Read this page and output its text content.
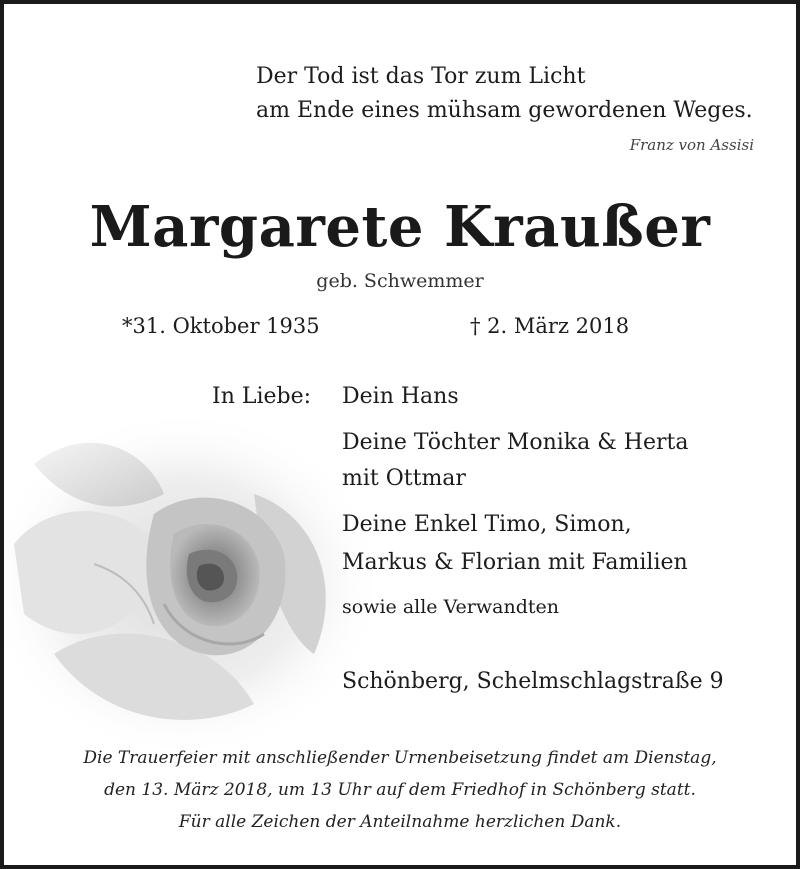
Der Tod ist das Tor zum Licht
am Ende eines mühsam gewordenen Weges.
Franz von Assisi
Margarete Kraußer
geb. Schwemmer
*31. Oktober 1935	† 2. März 2018
In Liebe: Dein Hans
Deine Töchter Monika & Herta
mit Ottmar
Deine Enkel Timo, Simon,
Markus & Florian mit Familien
sowie alle Verwandten
Schönberg, Schelmschlagstraße 9
Die Trauerfeier mit anschließender Urnenbeisetzung findet am Dienstag,
den 13. März 2018, um 13 Uhr auf dem Friedhof in Schönberg statt.
Für alle Zeichen der Anteilnahme herzlichen Dank.
